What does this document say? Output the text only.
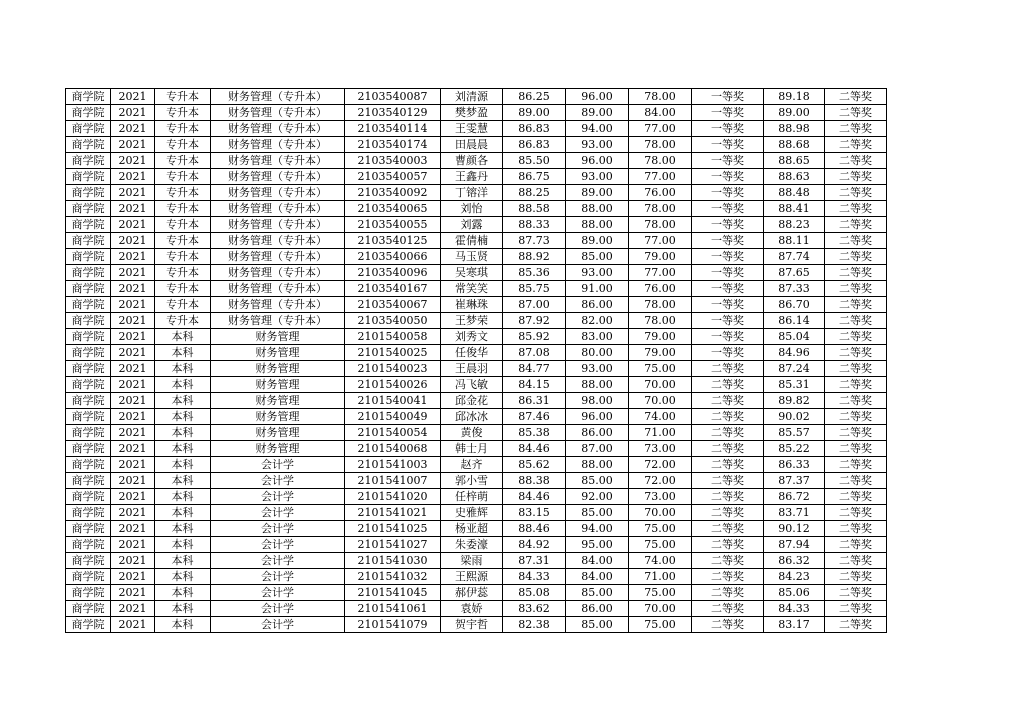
商学院	2021	专升本	财务管理（专升本）	2103540087	刘清源	86.25	96.00	78.00	一等奖	89.18	二等奖
商学院	2021	专升本	财务管理（专升本）	2103540129	樊梦盈	89.00	89.00	84.00	一等奖	89.00	二等奖
商学院	2021	专升本	财务管理（专升本）	2103540114	王雯慧	86.83	94.00	77.00	一等奖	88.98	二等奖
商学院	2021	专升本	财务管理（专升本）	2103540174	田晨晨	86.83	93.00	78.00	一等奖	88.68	二等奖
商学院	2021	专升本	财务管理（专升本）	2103540003	曹颜各	85.50	96.00	78.00	一等奖	88.65	二等奖
商学院	2021	专升本	财务管理（专升本）	2103540057	王鑫丹	86.75	93.00	77.00	一等奖	88.63	二等奖
商学院	2021	专升本	财务管理（专升本）	2103540092	丁镕洋	88.25	89.00	76.00	一等奖	88.48	二等奖
商学院	2021	专升本	财务管理（专升本）	2103540065	刘怡	88.58	88.00	78.00	一等奖	88.41	二等奖
商学院	2021	专升本	财务管理（专升本）	2103540055	刘露	88.33	88.00	78.00	一等奖	88.23	二等奖
商学院	2021	专升本	财务管理（专升本）	2103540125	霍倩楠	87.73	89.00	77.00	一等奖	88.11	二等奖
商学院	2021	专升本	财务管理（专升本）	2103540066	马玉贤	88.92	85.00	79.00	一等奖	87.74	二等奖
商学院	2021	专升本	财务管理（专升本）	2103540096	吴寒琪	85.36	93.00	77.00	一等奖	87.65	二等奖
商学院	2021	专升本	财务管理（专升本）	2103540167	常笑笑	85.75	91.00	76.00	一等奖	87.33	二等奖
商学院	2021	专升本	财务管理（专升本）	2103540067	崔琳珠	87.00	86.00	78.00	一等奖	86.70	二等奖
商学院	2021	专升本	财务管理（专升本）	2103540050	王梦荣	87.92	82.00	78.00	一等奖	86.14	二等奖
商学院	2021	本科	财务管理	2101540058	刘秀文	85.92	83.00	79.00	一等奖	85.04	二等奖
商学院	2021	本科	财务管理	2101540025	任俊华	87.08	80.00	79.00	一等奖	84.96	二等奖
商学院	2021	本科	财务管理	2101540023	王晨羽	84.77	93.00	75.00	二等奖	87.24	二等奖
商学院	2021	本科	财务管理	2101540026	冯飞敏	84.15	88.00	70.00	二等奖	85.31	二等奖
商学院	2021	本科	财务管理	2101540041	邱金花	86.31	98.00	70.00	二等奖	89.82	二等奖
商学院	2021	本科	财务管理	2101540049	邱冰冰	87.46	96.00	74.00	二等奖	90.02	二等奖
商学院	2021	本科	财务管理	2101540054	黄俊	85.38	86.00	71.00	二等奖	85.57	二等奖
商学院	2021	本科	财务管理	2101540068	韩士月	84.46	87.00	73.00	二等奖	85.22	二等奖
商学院	2021	本科	会计学	2101541003	赵齐	85.62	88.00	72.00	二等奖	86.33	二等奖
商学院	2021	本科	会计学	2101541007	郭小雪	88.38	85.00	72.00	二等奖	87.37	二等奖
商学院	2021	本科	会计学	2101541020	任梓萌	84.46	92.00	73.00	二等奖	86.72	二等奖
商学院	2021	本科	会计学	2101541021	史雅辉	83.15	85.00	70.00	二等奖	83.71	二等奖
商学院	2021	本科	会计学	2101541025	杨亚超	88.46	94.00	75.00	二等奖	90.12	二等奖
商学院	2021	本科	会计学	2101541027	朱委濠	84.92	95.00	75.00	二等奖	87.94	二等奖
商学院	2021	本科	会计学	2101541030	梁雨	87.31	84.00	74.00	二等奖	86.32	二等奖
商学院	2021	本科	会计学	2101541032	王熙源	84.33	84.00	71.00	二等奖	84.23	二等奖
商学院	2021	本科	会计学	2101541045	郝伊蕊	85.08	85.00	75.00	二等奖	85.06	二等奖
商学院	2021	本科	会计学	2101541061	袁娇	83.62	86.00	70.00	二等奖	84.33	二等奖
商学院	2021	本科	会计学	2101541079	贺宇哲	82.38	85.00	75.00	二等奖	83.17	二等奖
